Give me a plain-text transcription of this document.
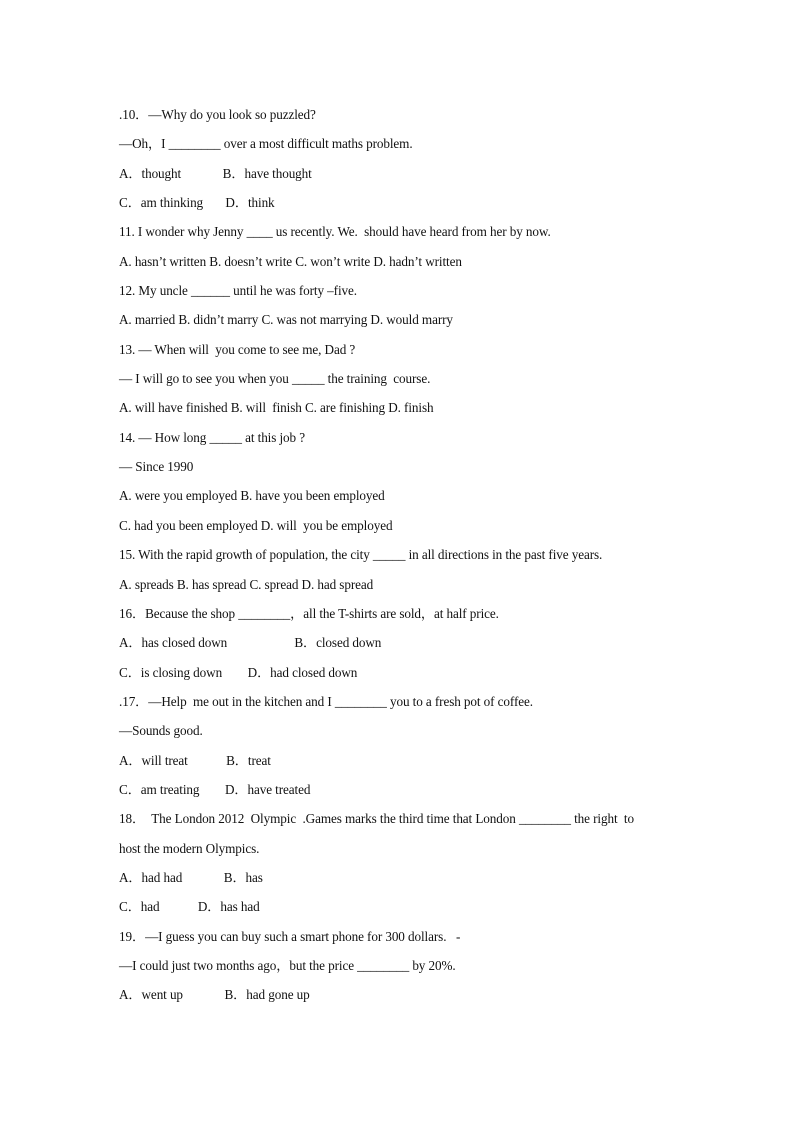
.10．—Why do you look so puzzled?
—Oh，I ________ over a most difficult maths problem.
A．thought             B．have thought
C．am thinking       D．think
11. I wonder why Jenny ____ us recently. We.  should have heard from her by now.
A. hasn’t written B. doesn’t write C. won’t write D. hadn’t written
12. My uncle ______ until he was forty –five.
A. married B. didn’t marry C. was not marrying D. would marry
13. — When will  you come to see me, Dad ?
— I will go to see you when you _____ the training  course.
A. will have finished B. will  finish C. are finishing D. finish
14. — How long _____ at this job ?
— Since 1990
A. were you employed B. have you been employed
C. had you been employed D. will  you be employed
15. With the rapid growth of population, the city _____ in all directions in the past five years.
A. spreads B. has spread C. spread D. had spread
16．Because the shop ________，all the T-shirts are sold，at half price.
A．has closed down                     B．closed down
C．is closing down        D．had closed down
.17．—Help  me out in the kitchen and I ________ you to a fresh pot of coffee.
—Sounds good.
A．will treat            B．treat
C．am treating        D．have treated
18．  The London 2012  Olympic  .Games marks the third time that London ________ the right  to
host the modern Olympics.
A．had had             B．has
C．had            D．has had
19．—I guess you can buy such a smart phone for 300 dollars.   -
—I could just two months ago，but the price ________ by 20%.
A．went up             B．had gone up
